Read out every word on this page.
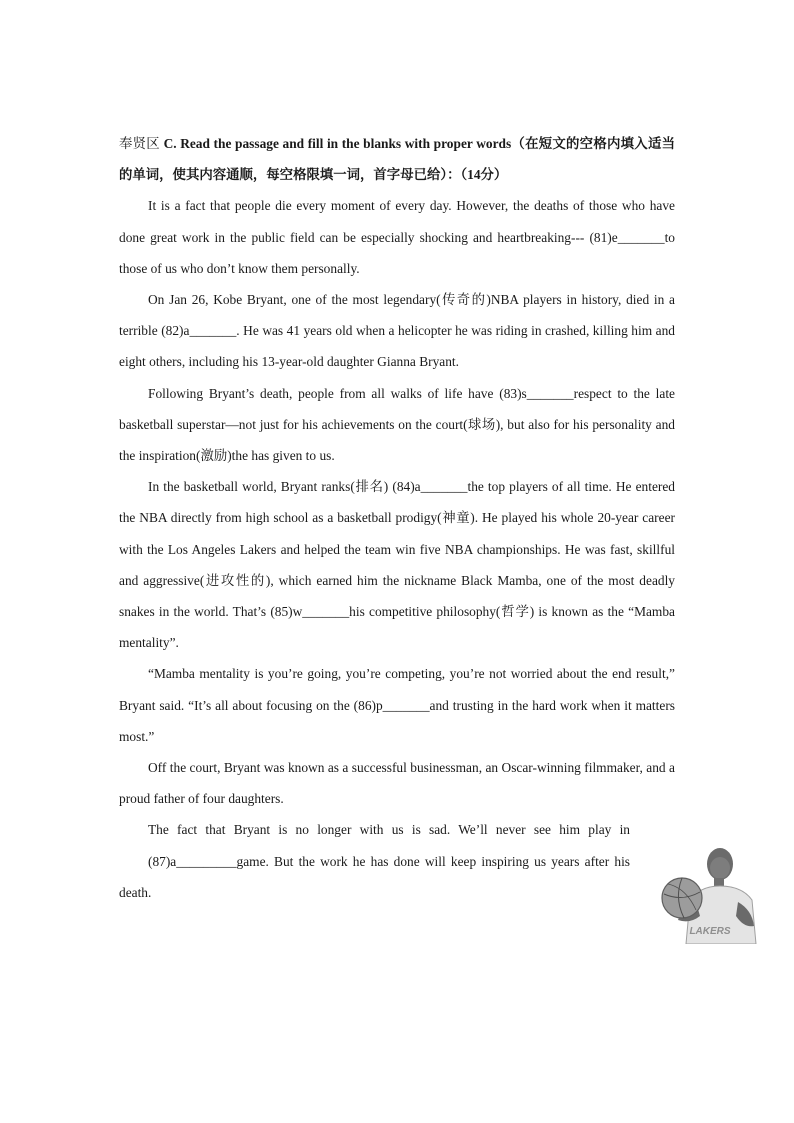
奉贤区 C. Read the passage and fill in the blanks with proper words（在短文的空格内填入适当的单词，使其内容通顺，每空格限填一词，首字母已给）：（14分）

It is a fact that people die every moment of every day. However, the deaths of those who have done great work in the public field can be especially shocking and heartbreaking--- (81)e_______to those of us who don’t know them personally.

On Jan 26, Kobe Bryant, one of the most legendary(传奇的)NBA players in history, died in a terrible (82)a_______. He was 41 years old when a helicopter he was riding in crashed, killing him and eight others, including his 13-year-old daughter Gianna Bryant.

Following Bryant’s death, people from all walks of life have (83)s_______respect to the late basketball superstar—not just for his achievements on the court(球场), but also for his personality and the inspiration(激励)the has given to us.

In the basketball world, Bryant ranks(排名) (84)a_______the top players of all time. He entered the NBA directly from high school as a basketball prodigy(神童). He played his whole 20-year career with the Los Angeles Lakers and helped the team win five NBA championships. He was fast, skillful and aggressive(进攻性的), which earned him the nickname Black Mamba, one of the most deadly snakes in the world. That’s (85)w_______his competitive philosophy(哲学) is known as the “Mamba mentality”.

“Mamba mentality is you’re going, you’re competing, you’re not worried about the end result,” Bryant said. “It’s all about focusing on the (86)p_______and trusting in the hard work when it matters most.”

Off the court, Bryant was known as a successful businessman, an Oscar-winning filmmaker, and a proud father of four daughters.

The fact that Bryant is no longer with us is sad. We’ll never see him play in
(87)a_________game. But the work he has done will keep inspiring us years after his
death.
LAKERS
